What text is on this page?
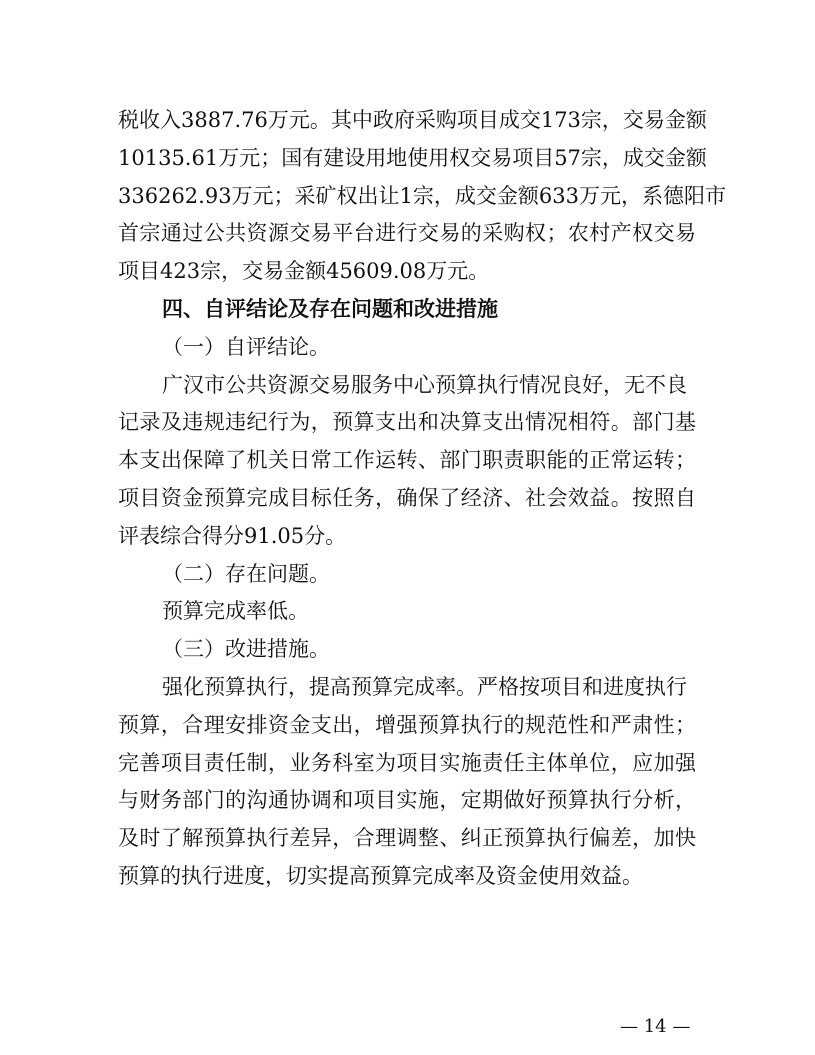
税收入3887.76万元。其中政府采购项目成交173宗，交易金额
10135.61万元；国有建设用地使用权交易项目57宗，成交金额
336262.93万元；采矿权出让1宗，成交金额633万元，系德阳市
首宗通过公共资源交易平台进行交易的采购权；农村产权交易
项目423宗，交易金额45609.08万元。
四、自评结论及存在问题和改进措施
（一）自评结论。
广汉市公共资源交易服务中心预算执行情况良好，无不良
记录及违规违纪行为，预算支出和决算支出情况相符。部门基
本支出保障了机关日常工作运转、部门职责职能的正常运转；
项目资金预算完成目标任务，确保了经济、社会效益。按照自
评表综合得分91.05分。
（二）存在问题。
预算完成率低。
（三）改进措施。
强化预算执行，提高预算完成率。严格按项目和进度执行
预算，合理安排资金支出，增强预算执行的规范性和严肃性；
完善项目责任制，业务科室为项目实施责任主体单位，应加强
与财务部门的沟通协调和项目实施，定期做好预算执行分析，
及时了解预算执行差异，合理调整、纠正预算执行偏差，加快
预算的执行进度，切实提高预算完成率及资金使用效益。
— 14 —
